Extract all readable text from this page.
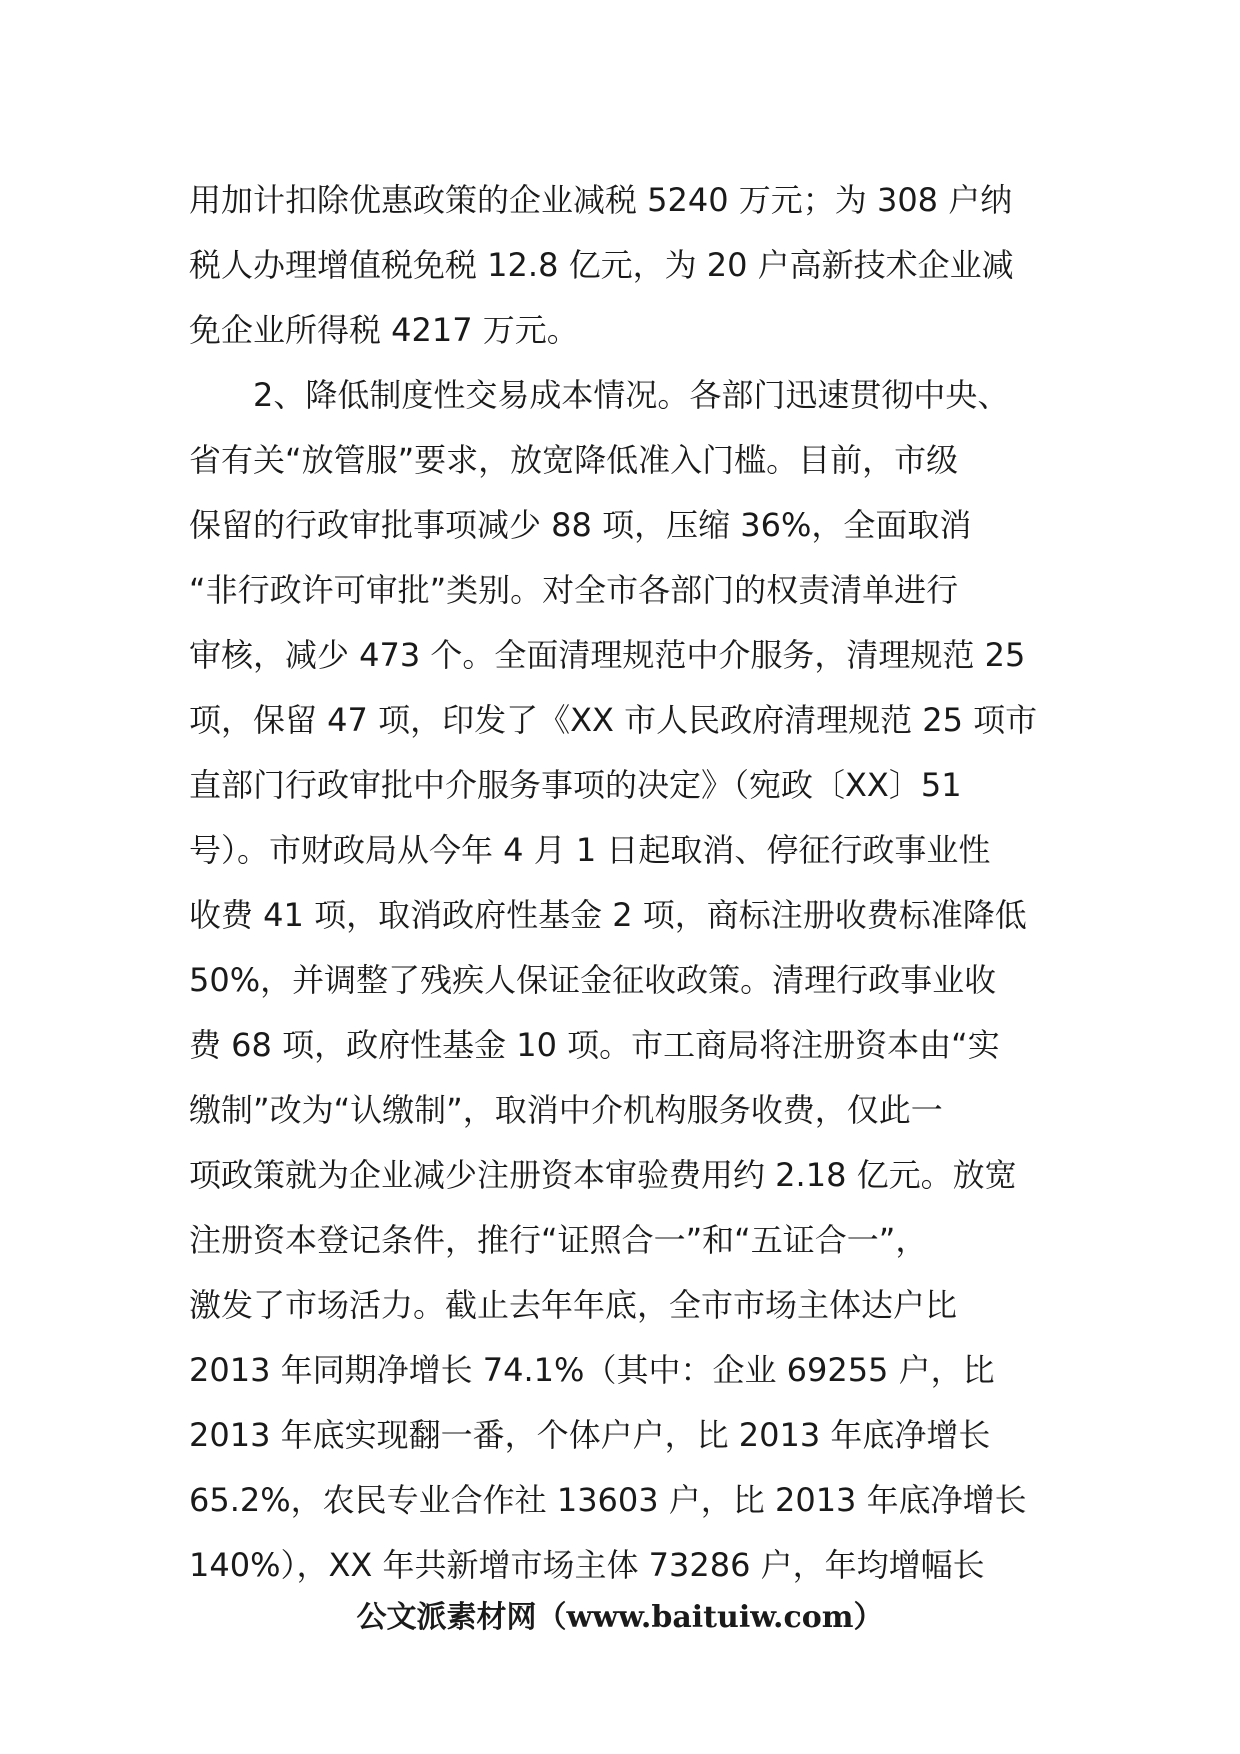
用加计扣除优惠政策的企业减税 5240 万元；为 308 户纳
税人办理增值税免税 12.8 亿元，为 20 户高新技术企业减
免企业所得税 4217 万元。
　　2、降低制度性交易成本情况。各部门迅速贯彻中央、
省有关“放管服”要求，放宽降低准入门槛。目前，市级
保留的行政审批事项减少 88 项，压缩 36%，全面取消
“非行政许可审批”类别。对全市各部门的权责清单进行
审核，减少 473 个。全面清理规范中介服务，清理规范 25
项，保留 47 项，印发了《XX 市人民政府清理规范 25 项市
直部门行政审批中介服务事项的决定》（宛政〔XX〕51
号）。市财政局从今年 4 月 1 日起取消、停征行政事业性
收费 41 项，取消政府性基金 2 项，商标注册收费标准降低
50%，并调整了残疾人保证金征收政策。清理行政事业收
费 68 项，政府性基金 10 项。市工商局将注册资本由“实
缴制”改为“认缴制”，取消中介机构服务收费，仅此一
项政策就为企业减少注册资本审验费用约 2.18 亿元。放宽
注册资本登记条件，推行“证照合一”和“五证合一”，
激发了市场活力。截止去年年底，全市市场主体达户比
2013 年同期净增长 74.1%（其中：企业 69255 户，比
2013 年底实现翻一番，个体户户，比 2013 年底净增长
65.2%，农民专业合作社 13603 户，比 2013 年底净增长
140%），XX 年共新增市场主体 73286 户，年均增幅长
公文派素材网（www.baituiw.com）
